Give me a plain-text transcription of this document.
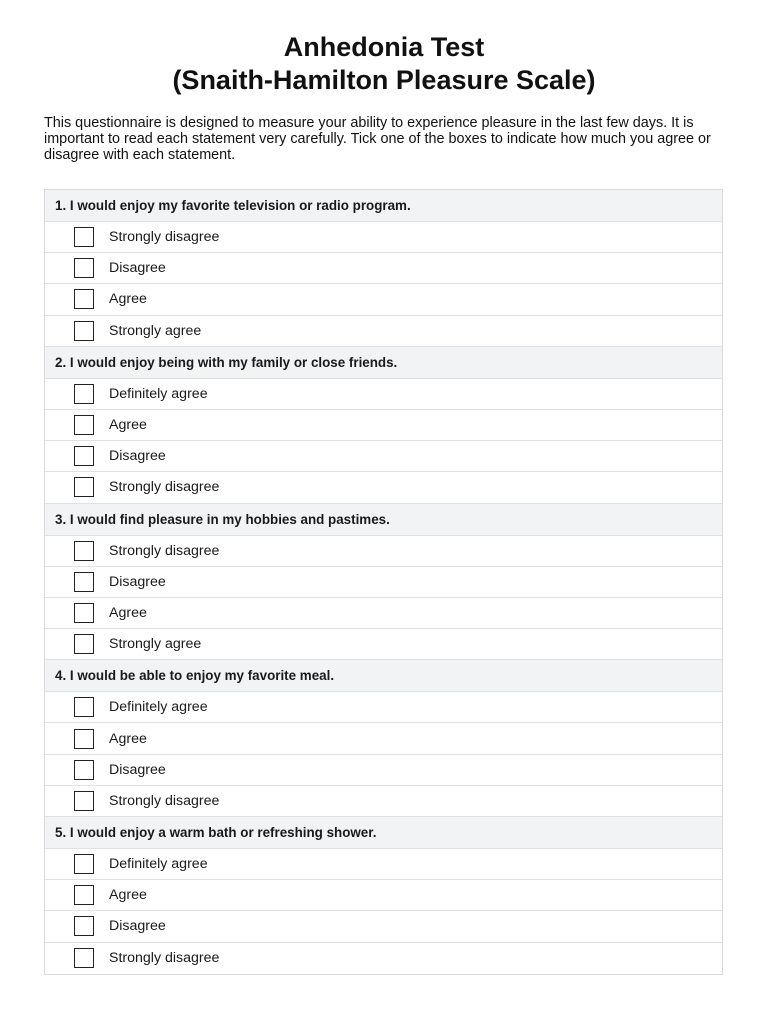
Anhedonia Test
(Snaith-Hamilton Pleasure Scale)

This questionnaire is designed to measure your ability to experience pleasure in the last few days. It is important to read each statement very carefully. Tick one of the boxes to indicate how much you agree or disagree with each statement.

1. I would enjoy my favorite television or radio program.
Strongly disagree
Disagree
Agree
Strongly agree
2. I would enjoy being with my family or close friends.
Definitely agree
Agree
Disagree
Strongly disagree
3. I would find pleasure in my hobbies and pastimes.
Strongly disagree
Disagree
Agree
Strongly agree
4. I would be able to enjoy my favorite meal.
Definitely agree
Agree
Disagree
Strongly disagree
5. I would enjoy a warm bath or refreshing shower.
Definitely agree
Agree
Disagree
Strongly disagree
